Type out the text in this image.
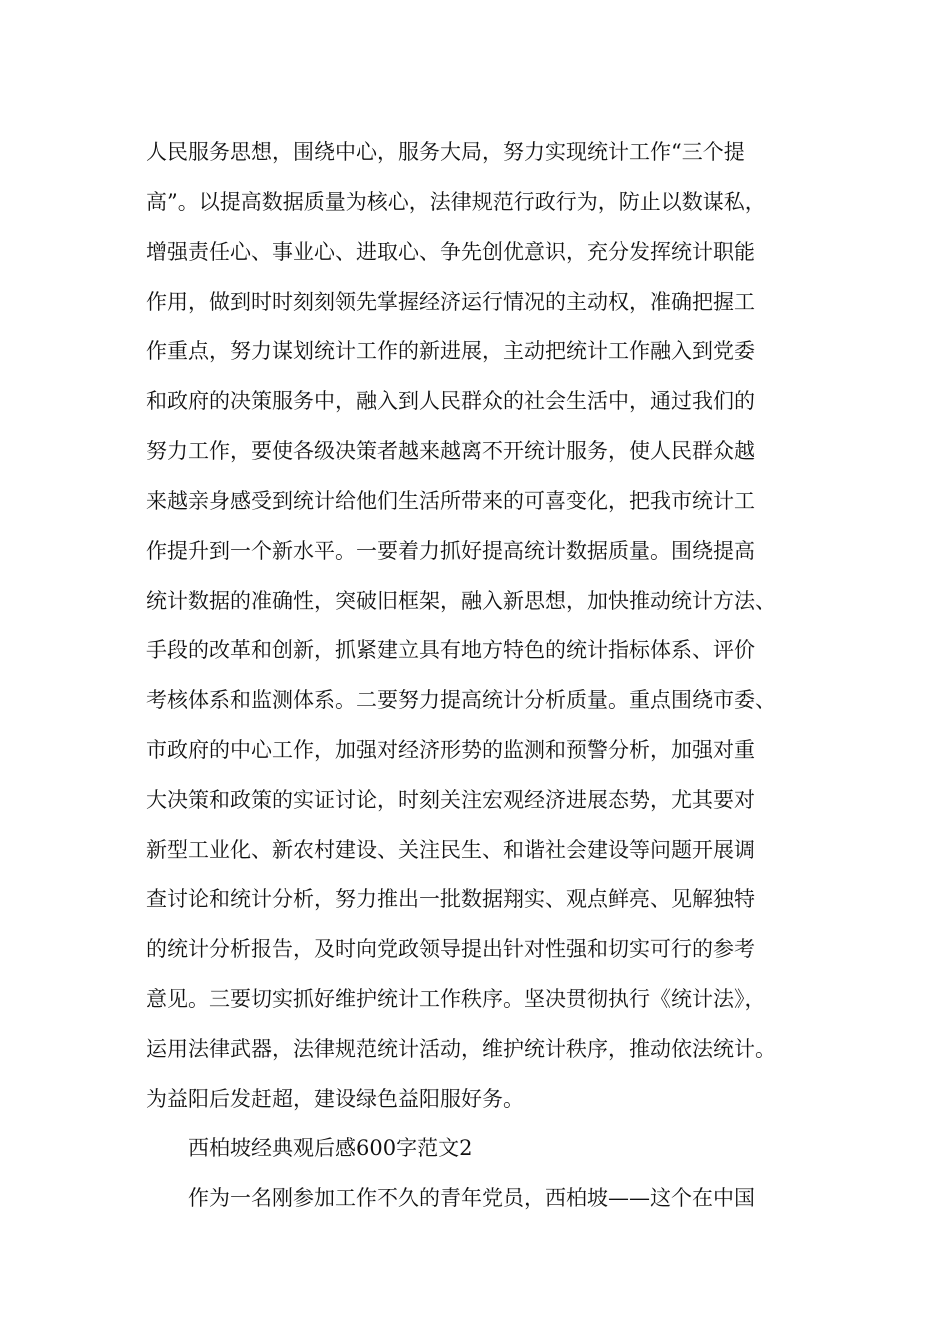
人民服务思想，围绕中心，服务大局，努力实现统计工作“三个提
高”。以提高数据质量为核心，法律规范行政行为，防止以数谋私，
增强责任心、事业心、进取心、争先创优意识，充分发挥统计职能
作用，做到时时刻刻领先掌握经济运行情况的主动权，准确把握工
作重点，努力谋划统计工作的新进展，主动把统计工作融入到党委
和政府的决策服务中，融入到人民群众的社会生活中，通过我们的
努力工作，要使各级决策者越来越离不开统计服务，使人民群众越
来越亲身感受到统计给他们生活所带来的可喜变化，把我市统计工
作提升到一个新水平。一要着力抓好提高统计数据质量。围绕提高
统计数据的准确性，突破旧框架，融入新思想，加快推动统计方法、
手段的改革和创新，抓紧建立具有地方特色的统计指标体系、评价
考核体系和监测体系。二要努力提高统计分析质量。重点围绕市委、
市政府的中心工作，加强对经济形势的监测和预警分析，加强对重
大决策和政策的实证讨论，时刻关注宏观经济进展态势，尤其要对
新型工业化、新农村建设、关注民生、和谐社会建设等问题开展调
查讨论和统计分析，努力推出一批数据翔实、观点鲜亮、见解独特
的统计分析报告，及时向党政领导提出针对性强和切实可行的参考
意见。三要切实抓好维护统计工作秩序。坚决贯彻执行《统计法》，
运用法律武器，法律规范统计活动，维护统计秩序，推动依法统计。
为益阳后发赶超，建设绿色益阳服好务。
西柏坡经典观后感600字范文2
作为一名刚参加工作不久的青年党员，西柏坡——这个在中国
